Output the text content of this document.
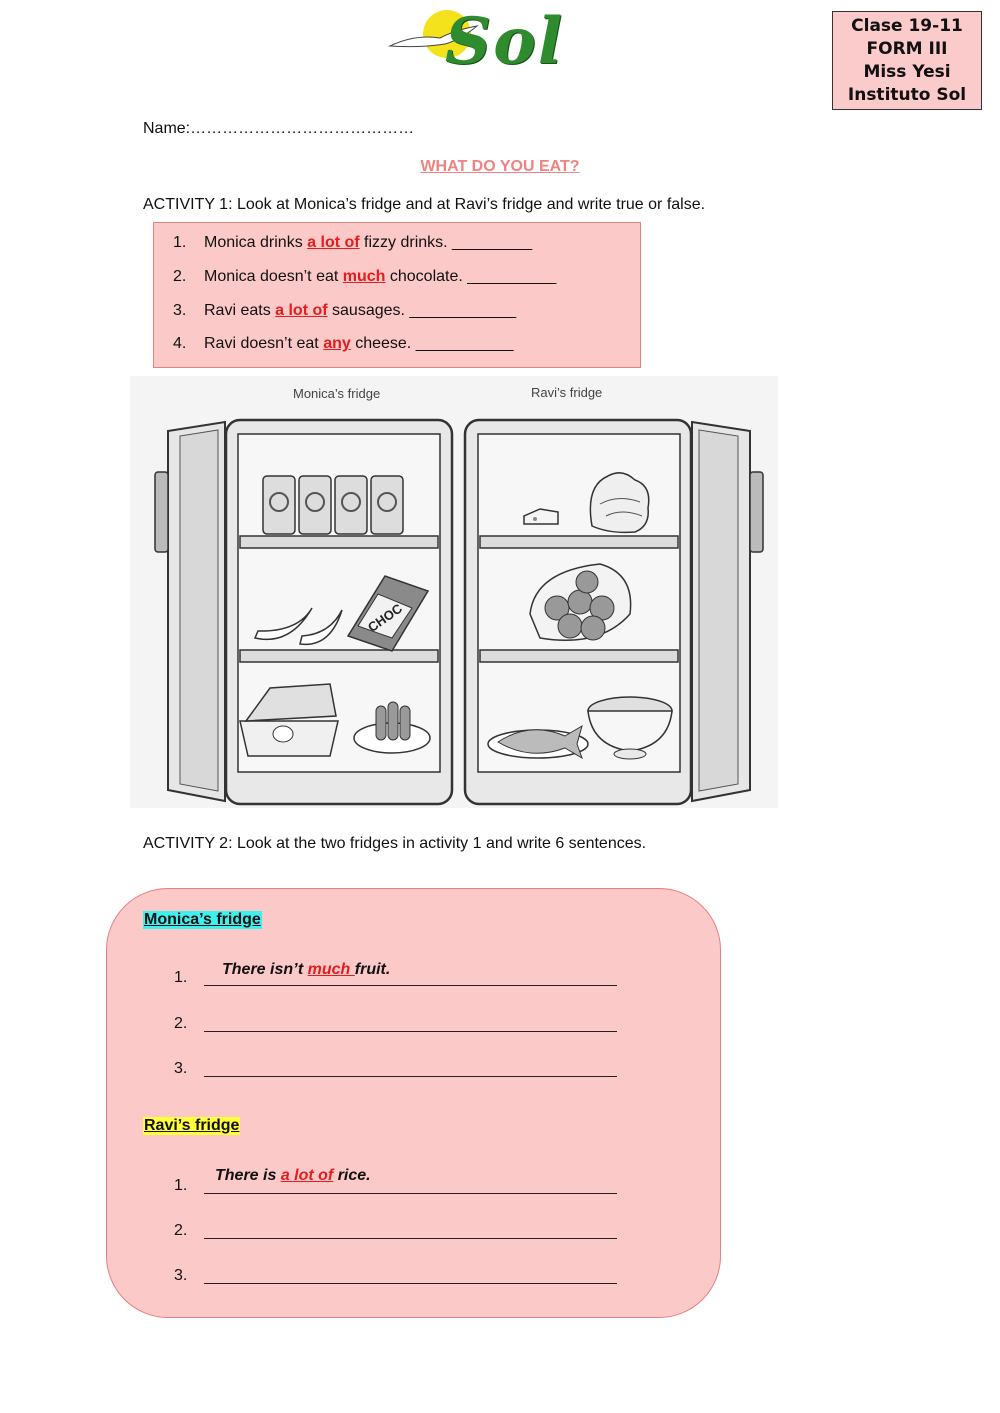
Sol	Clase 19-11
FORM III
Miss Yesi
Instituto Sol
Name:……………………………………
WHAT DO YOU EAT?
ACTIVITY 1: Look at Monica’s fridge and at Ravi’s fridge and write true or false.
1. Monica drinks a lot of fizzy drinks. _________
2. Monica doesn’t eat much chocolate. __________
3. Ravi eats a lot of sausages. ____________
4. Ravi doesn’t eat any cheese. ___________
Monica’s fridge	Ravi’s fridge
CHOC
ACTIVITY 2: Look at the two fridges in activity 1 and write 6 sentences.
Monica’s fridge
1. There isn’t much fruit.
2.
3.
Ravi’s fridge
1.
There is a lot of rice.
2.
3.
